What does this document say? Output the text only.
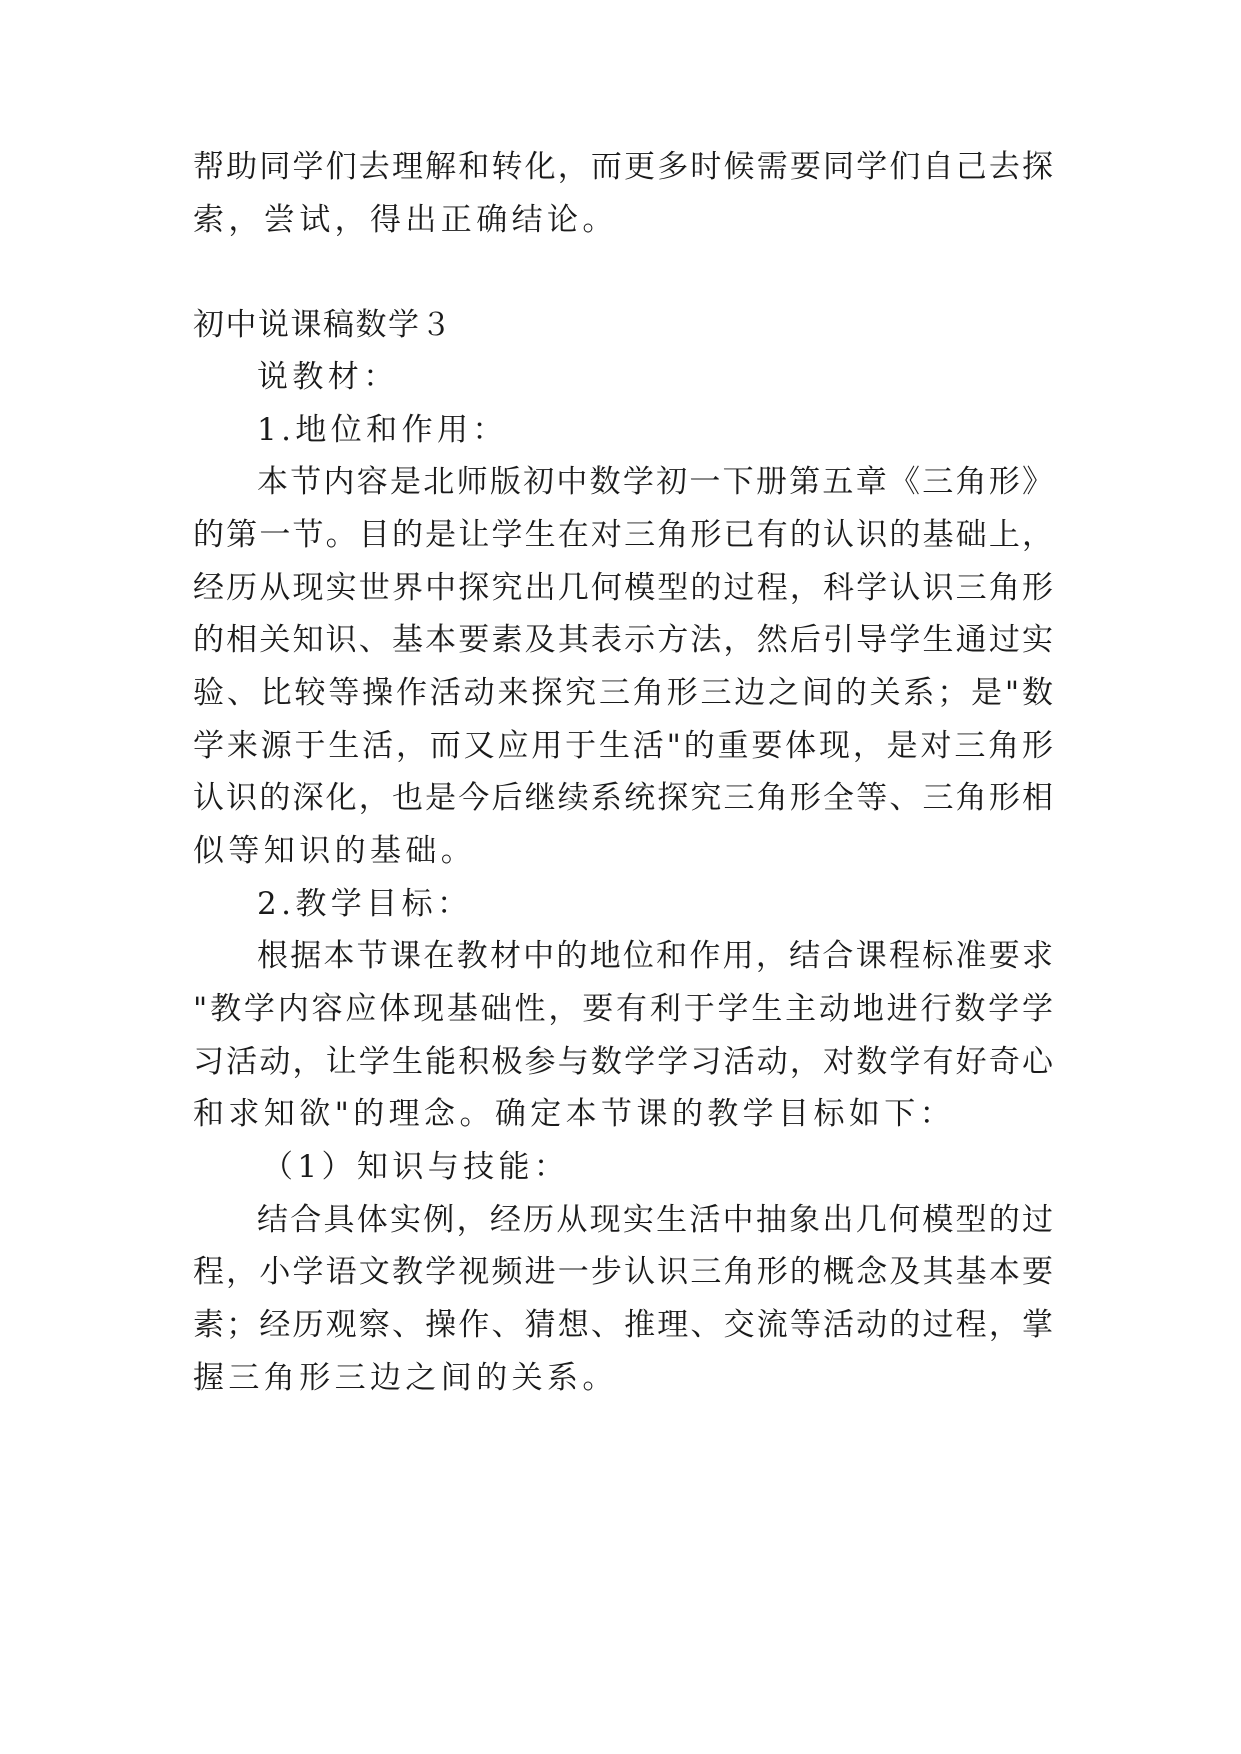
帮助同学们去理解和转化，而更多时候需要同学们自己去探

索，尝试，得出正确结论。

初中说课稿数学３

说教材：

1.地位和作用：

本节内容是北师版初中数学初一下册第五章《三角形》

的第一节。目的是让学生在对三角形已有的认识的基础上，

经历从现实世界中探究出几何模型的过程，科学认识三角形

的相关知识、基本要素及其表示方法，然后引导学生通过实

验、比较等操作活动来探究三角形三边之间的关系；是"数

学来源于生活，而又应用于生活"的重要体现，是对三角形

认识的深化，也是今后继续系统探究三角形全等、三角形相

似等知识的基础。

2.教学目标：

根据本节课在教材中的地位和作用，结合课程标准要求

"教学内容应体现基础性，要有利于学生主动地进行数学学

习活动，让学生能积极参与数学学习活动，对数学有好奇心

和求知欲"的理念。确定本节课的教学目标如下：

（1）知识与技能：

结合具体实例，经历从现实生活中抽象出几何模型的过

程，小学语文教学视频进一步认识三角形的概念及其基本要

素；经历观察、操作、猜想、推理、交流等活动的过程，掌

握三角形三边之间的关系。
